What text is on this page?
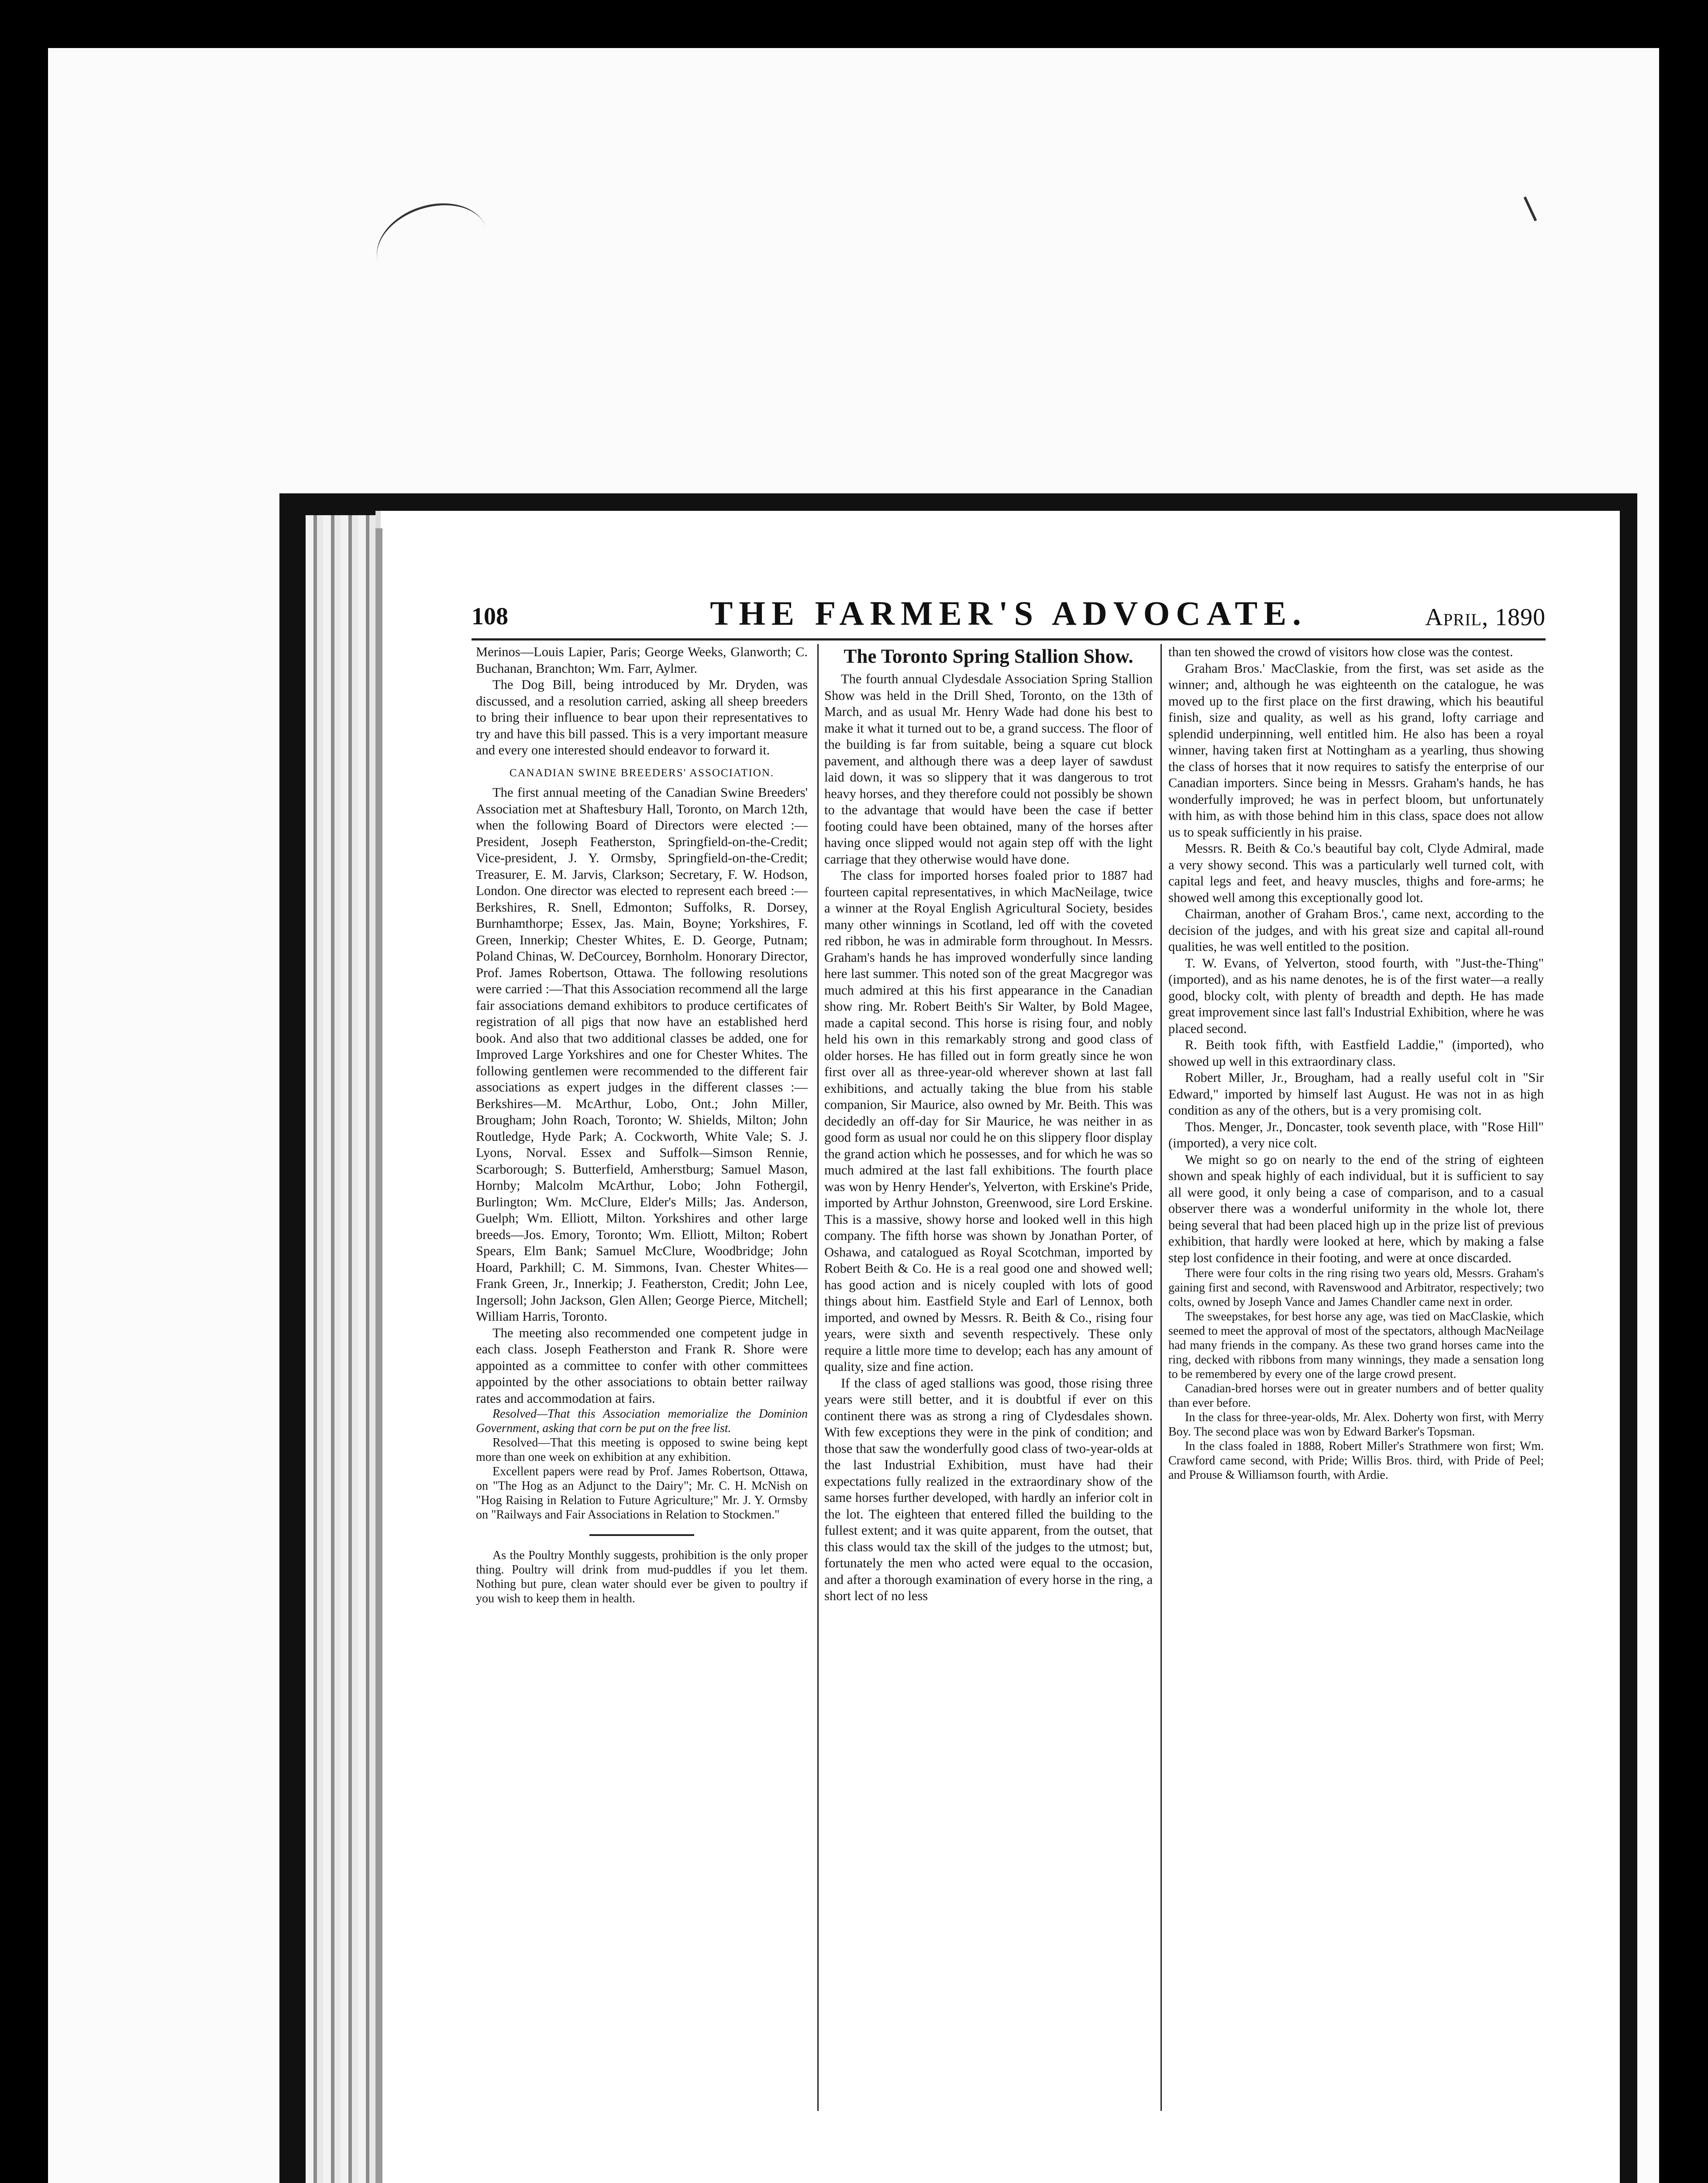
108	THE FARMER'S ADVOCATE.	April, 1890

Merinos—Louis Lapier, Paris; George Weeks, Glanworth; C. Buchanan, Branchton; Wm. Farr, Aylmer.

The Dog Bill, being introduced by Mr. Dryden, was discussed, and a resolution carried, asking all sheep breeders to bring their influence to bear upon their representatives to try and have this bill passed. This is a very important measure and every one interested should endeavor to forward it.

CANADIAN SWINE BREEDERS' ASSOCIATION.

The first annual meeting of the Canadian Swine Breeders' Association met at Shaftesbury Hall, Toronto, on March 12th, when the following Board of Directors were elected :—President, Joseph Featherston, Springfield-on-the-Credit; Vice-president, J. Y. Ormsby, Springfield-on-the-Credit; Treasurer, E. M. Jarvis, Clarkson; Secretary, F. W. Hodson, London. One director was elected to represent each breed :—Berkshires, R. Snell, Edmonton; Suffolks, R. Dorsey, Burnhamthorpe; Essex, Jas. Main, Boyne; Yorkshires, F. Green, Innerkip; Chester Whites, E. D. George, Putnam; Poland Chinas, W. DeCourcey, Bornholm. Honorary Director, Prof. James Robertson, Ottawa. The following resolutions were carried :—That this Association recommend all the large fair associations demand exhibitors to produce certificates of registration of all pigs that now have an established herd book. And also that two additional classes be added, one for Improved Large Yorkshires and one for Chester Whites. The following gentlemen were recommended to the different fair associations as expert judges in the different classes :—Berkshires—M. McArthur, Lobo, Ont.; John Miller, Brougham; John Roach, Toronto; W. Shields, Milton; John Routledge, Hyde Park; A. Cockworth, White Vale; S. J. Lyons, Norval. Essex and Suffolk—Simson Rennie, Scarborough; S. Butterfield, Amherstburg; Samuel Mason, Hornby; Malcolm McArthur, Lobo; John Fothergil, Burlington; Wm. McClure, Elder's Mills; Jas. Anderson, Guelph; Wm. Elliott, Milton. Yorkshires and other large breeds—Jos. Emory, Toronto; Wm. Elliott, Milton; Robert Spears, Elm Bank; Samuel McClure, Woodbridge; John Hoard, Parkhill; C. M. Simmons, Ivan. Chester Whites—Frank Green, Jr., Innerkip; J. Featherston, Credit; John Lee, Ingersoll; John Jackson, Glen Allen; George Pierce, Mitchell; William Harris, Toronto.

The meeting also recommended one competent judge in each class. Joseph Featherston and Frank R. Shore were appointed as a committee to confer with other committees appointed by the other associations to obtain better railway rates and accommodation at fairs.

Resolved—That this Association memorialize the Dominion Government, asking that corn be put on the free list.

Resolved—That this meeting is opposed to swine being kept more than one week on exhibition at any exhibition.

Excellent papers were read by Prof. James Robertson, Ottawa, on "The Hog as an Adjunct to the Dairy"; Mr. C. H. McNish on "Hog Raising in Relation to Future Agriculture;" Mr. J. Y. Ormsby on "Railways and Fair Associations in Relation to Stockmen."

As the Poultry Monthly suggests, prohibition is the only proper thing. Poultry will drink from mud-puddles if you let them. Nothing but pure, clean water should ever be given to poultry if you wish to keep them in health.

The Toronto Spring Stallion Show.

The fourth annual Clydesdale Association Spring Stallion Show was held in the Drill Shed, Toronto, on the 13th of March, and as usual Mr. Henry Wade had done his best to make it what it turned out to be, a grand success. The floor of the building is far from suitable, being a square cut block pavement, and although there was a deep layer of sawdust laid down, it was so slippery that it was dangerous to trot heavy horses, and they therefore could not possibly be shown to the advantage that would have been the case if better footing could have been obtained, many of the horses after having once slipped would not again step off with the light carriage that they otherwise would have done.

The class for imported horses foaled prior to 1887 had fourteen capital representatives, in which MacNeilage, twice a winner at the Royal English Agricultural Society, besides many other winnings in Scotland, led off with the coveted red ribbon, he was in admirable form throughout. In Messrs. Graham's hands he has improved wonderfully since landing here last summer. This noted son of the great Macgregor was much admired at this his first appearance in the Canadian show ring. Mr. Robert Beith's Sir Walter, by Bold Magee, made a capital second. This horse is rising four, and nobly held his own in this remarkably strong and good class of older horses. He has filled out in form greatly since he won first over all as three-year-old wherever shown at last fall exhibitions, and actually taking the blue from his stable companion, Sir Maurice, also owned by Mr. Beith. This was decidedly an off-day for Sir Maurice, he was neither in as good form as usual nor could he on this slippery floor display the grand action which he possesses, and for which he was so much admired at the last fall exhibitions. The fourth place was won by Henry Hender's, Yelverton, with Erskine's Pride, imported by Arthur Johnston, Greenwood, sire Lord Erskine. This is a massive, showy horse and looked well in this high company. The fifth horse was shown by Jonathan Porter, of Oshawa, and catalogued as Royal Scotchman, imported by Robert Beith & Co. He is a real good one and showed well; has good action and is nicely coupled with lots of good things about him. Eastfield Style and Earl of Lennox, both imported, and owned by Messrs. R. Beith & Co., rising four years, were sixth and seventh respectively. These only require a little more time to develop; each has any amount of quality, size and fine action.

If the class of aged stallions was good, those rising three years were still better, and it is doubtful if ever on this continent there was as strong a ring of Clydesdales shown. With few exceptions they were in the pink of condition; and those that saw the wonderfully good class of two-year-olds at the last Industrial Exhibition, must have had their expectations fully realized in the extraordinary show of the same horses further developed, with hardly an inferior colt in the lot. The eighteen that entered filled the building to the fullest extent; and it was quite apparent, from the outset, that this class would tax the skill of the judges to the utmost; but, fortunately the men who acted were equal to the occasion, and after a thorough examination of every horse in the ring, a short lect of no less

than ten showed the crowd of visitors how close was the contest.

Graham Bros.' MacClaskie, from the first, was set aside as the winner; and, although he was eighteenth on the catalogue, he was moved up to the first place on the first drawing, which his beautiful finish, size and quality, as well as his grand, lofty carriage and splendid underpinning, well entitled him. He also has been a royal winner, having taken first at Nottingham as a yearling, thus showing the class of horses that it now requires to satisfy the enterprise of our Canadian importers. Since being in Messrs. Graham's hands, he has wonderfully improved; he was in perfect bloom, but unfortunately with him, as with those behind him in this class, space does not allow us to speak sufficiently in his praise.

Messrs. R. Beith & Co.'s beautiful bay colt, Clyde Admiral, made a very showy second. This was a particularly well turned colt, with capital legs and feet, and heavy muscles, thighs and fore-arms; he showed well among this exceptionally good lot.

Chairman, another of Graham Bros.', came next, according to the decision of the judges, and with his great size and capital all-round qualities, he was well entitled to the position.

T. W. Evans, of Yelverton, stood fourth, with "Just-the-Thing" (imported), and as his name denotes, he is of the first water—a really good, blocky colt, with plenty of breadth and depth. He has made great improvement since last fall's Industrial Exhibition, where he was placed second.

R. Beith took fifth, with Eastfield Laddie," (imported), who showed up well in this extraordinary class.

Robert Miller, Jr., Brougham, had a really useful colt in "Sir Edward," imported by himself last August. He was not in as high condition as any of the others, but is a very promising colt.

Thos. Menger, Jr., Doncaster, took seventh place, with "Rose Hill" (imported), a very nice colt.

We might so go on nearly to the end of the string of eighteen shown and speak highly of each individual, but it is sufficient to say all were good, it only being a case of comparison, and to a casual observer there was a wonderful uniformity in the whole lot, there being several that had been placed high up in the prize list of previous exhibition, that hardly were looked at here, which by making a false step lost confidence in their footing, and were at once discarded.

There were four colts in the ring rising two years old, Messrs. Graham's gaining first and second, with Ravenswood and Arbitrator, respectively; two colts, owned by Joseph Vance and James Chandler came next in order.

The sweepstakes, for best horse any age, was tied on MacClaskie, which seemed to meet the approval of most of the spectators, although MacNeilage had many friends in the company. As these two grand horses came into the ring, decked with ribbons from many winnings, they made a sensation long to be remembered by every one of the large crowd present.

Canadian-bred horses were out in greater numbers and of better quality than ever before.

In the class for three-year-olds, Mr. Alex. Doherty won first, with Merry Boy. The second place was won by Edward Barker's Topsman.

In the class foaled in 1888, Robert Miller's Strathmere won first; Wm. Crawford came second, with Pride; Willis Bros. third, with Pride of Peel; and Prouse & Williamson fourth, with Ardie.
